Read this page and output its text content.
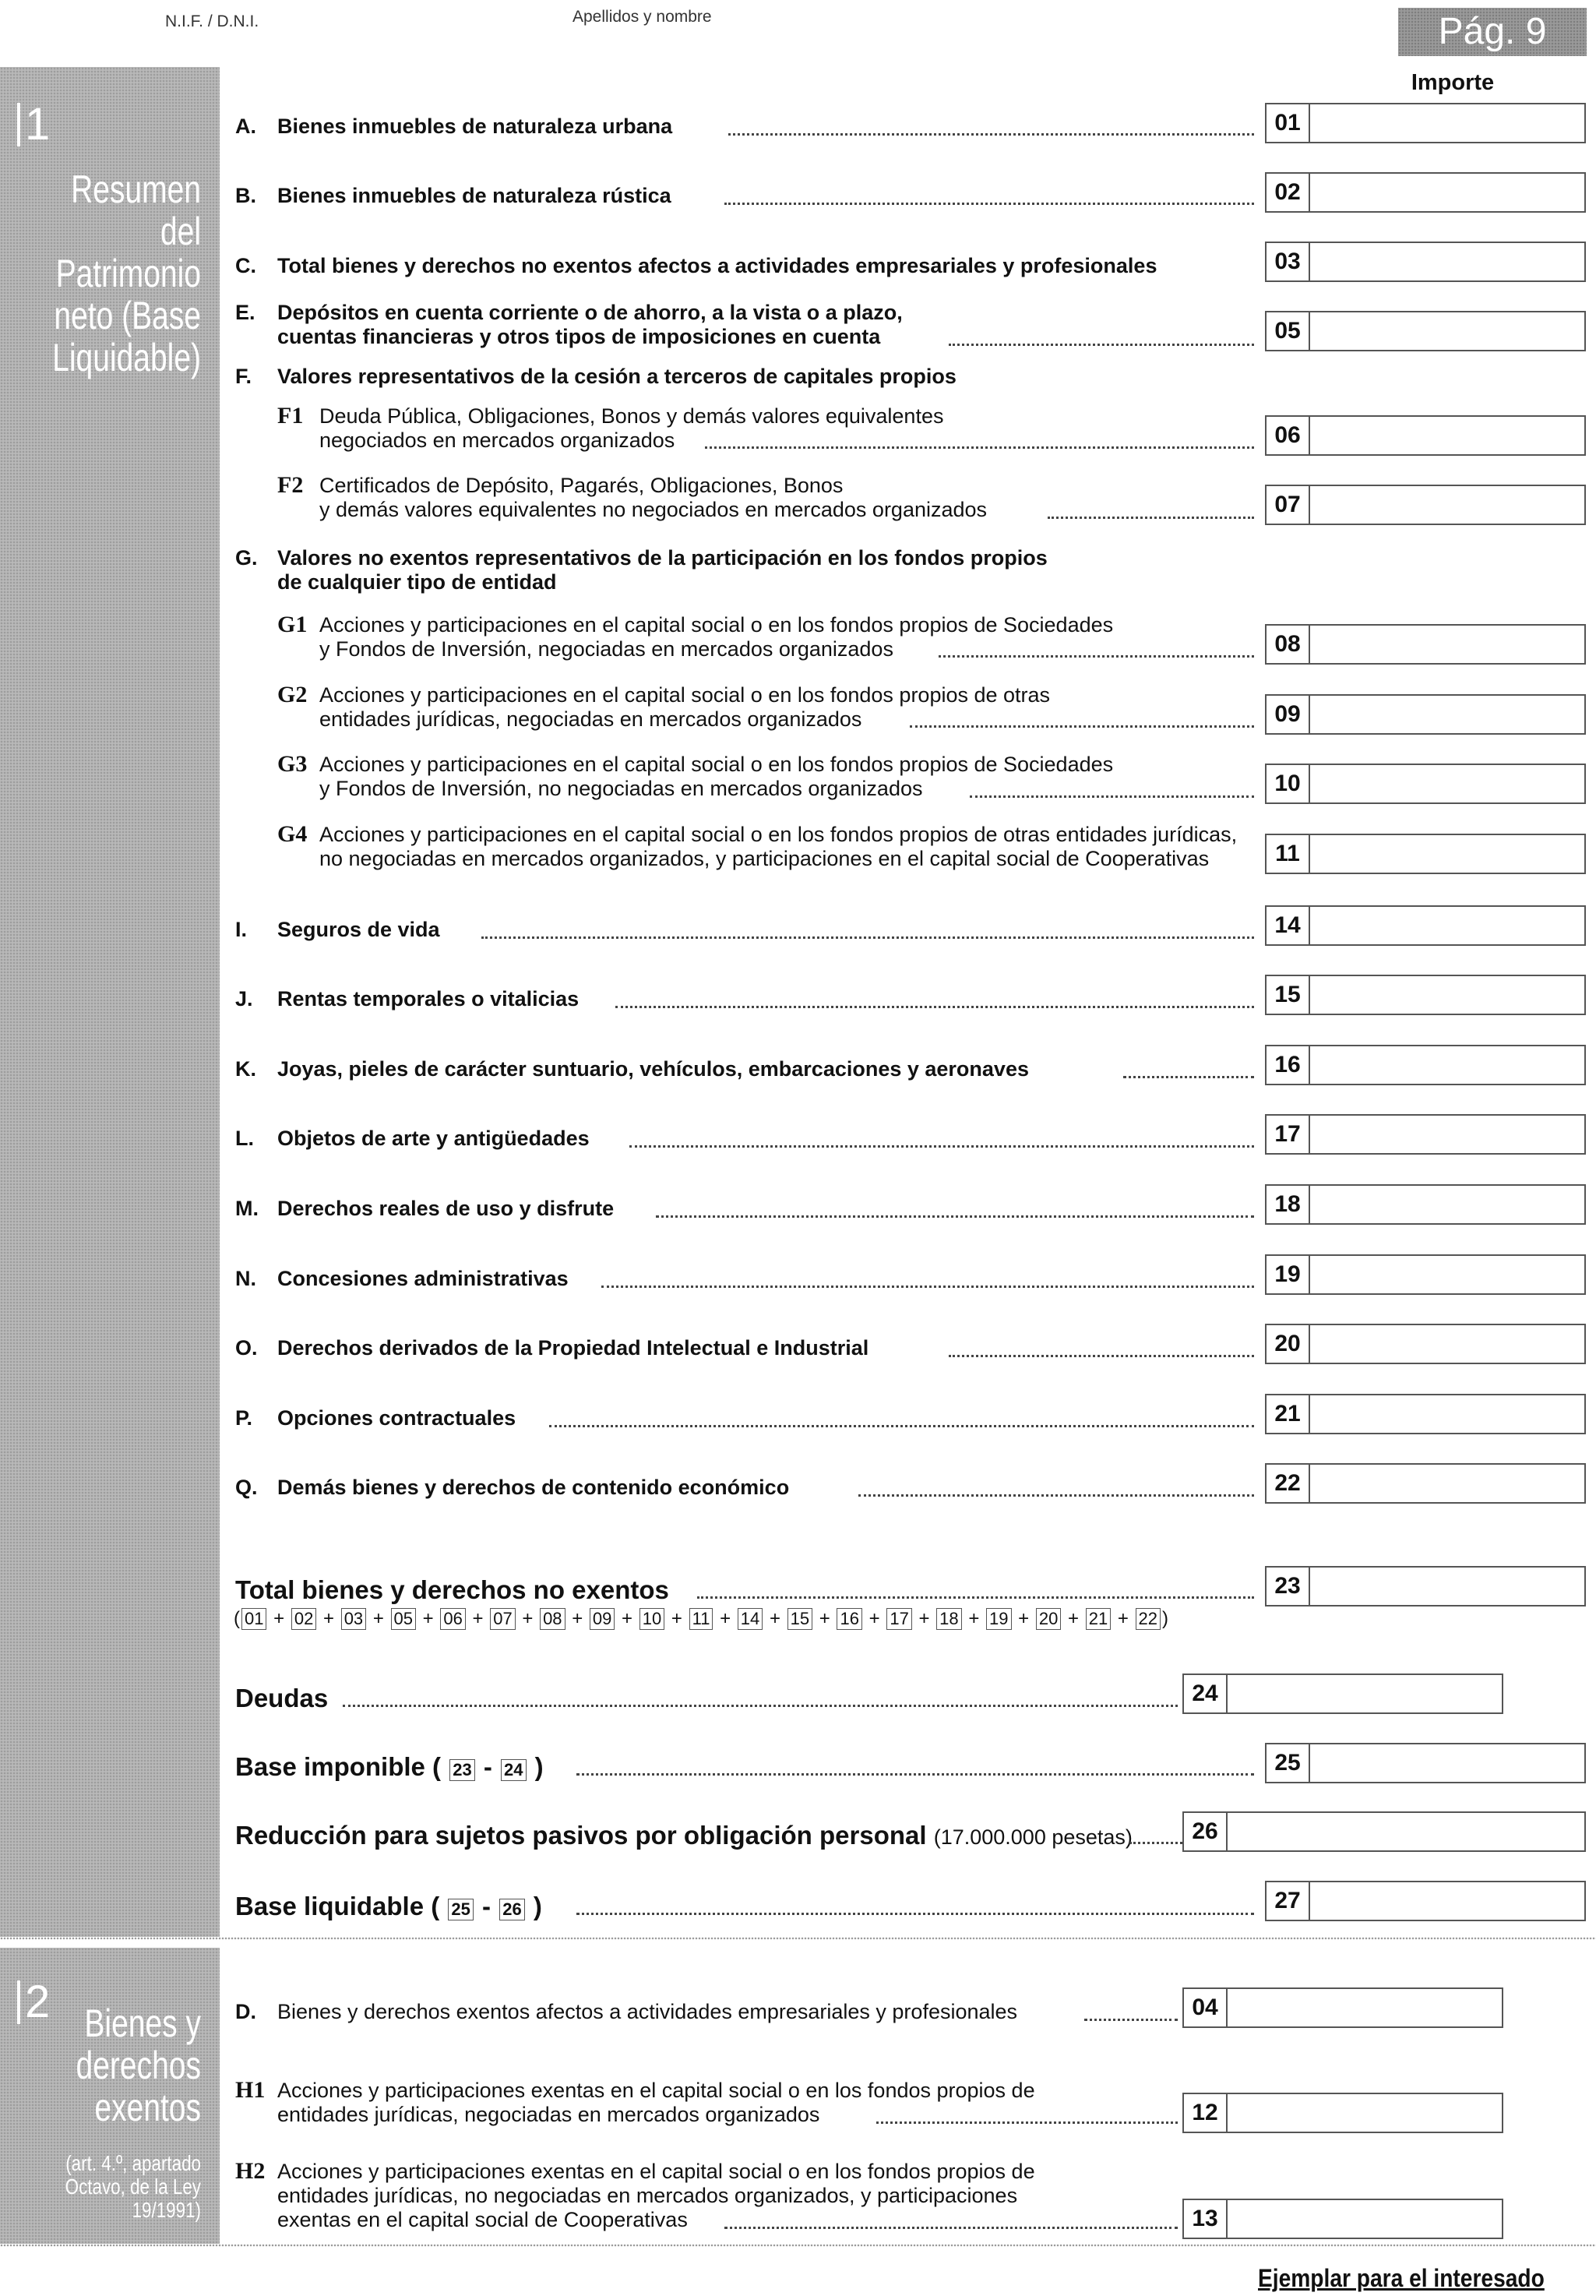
N.I.F. / D.N.I.	Apellidos y nombre	Pág. 9
Importe
1
Resumen
del
Patrimonio
neto (Base
Liquidable)
2 Bienes y
derechos
exentos
(art. 4.º, apartado
Octavo, de la Ley
19/1991)
A. Bienes inmuebles de naturaleza urbana	01
B. Bienes inmuebles de naturaleza rústica	02
C. Total bienes y derechos no exentos afectos a actividades empresariales y profesionales	03
E. Depósitos en cuenta corriente o de ahorro, a la vista o a plazo,
cuentas financieras y otros tipos de imposiciones en cuenta	05
F. Valores representativos de la cesión a terceros de capitales propios
F1 Deuda Pública, Obligaciones, Bonos y demás valores equivalentes
negociados en mercados organizados	06
F2 Certificados de Depósito, Pagarés, Obligaciones, Bonos
y demás valores equivalentes no negociados en mercados organizados	07
G. Valores no exentos representativos de la participación en los fondos propios
de cualquier tipo de entidad
G1 Acciones y participaciones en el capital social o en los fondos propios de Sociedades
y Fondos de Inversión, negociadas en mercados organizados	08
G2 Acciones y participaciones en el capital social o en los fondos propios de otras
entidades jurídicas, negociadas en mercados organizados	09
G3 Acciones y participaciones en el capital social o en los fondos propios de Sociedades
y Fondos de Inversión, no negociadas en mercados organizados	10
G4 Acciones y participaciones en el capital social o en los fondos propios de otras entidades jurídicas,
no negociadas en mercados organizados, y participaciones en el capital social de Cooperativas	11
I. Seguros de vida	14
J. Rentas temporales o vitalicias	15
K. Joyas, pieles de carácter suntuario, vehículos, embarcaciones y aeronaves	16
L. Objetos de arte y antigüedades	17
M. Derechos reales de uso y disfrute	18
N. Concesiones administrativas	19
O. Derechos derivados de la Propiedad Intelectual e Industrial	20
P. Opciones contractuales	21
Q. Demás bienes y derechos de contenido económico	22
Total bienes y derechos no exentos	23
( 01 + 02 + 03 + 05 + 06 + 07 + 08 + 09 + 10 + 11 + 14 + 15 + 16 + 17 + 18 + 19 + 20 + 21 + 22 )
Deudas	24
Base imponible ( 23 - 24 )	25
Reducción para sujetos pasivos por obligación personal (17.000.000 pesetas)	26
Base liquidable ( 25 - 26 )	27
D. Bienes y derechos exentos afectos a actividades empresariales y profesionales	04
H1 Acciones y participaciones exentas en el capital social o en los fondos propios de
entidades jurídicas, negociadas en mercados organizados	12
H2 Acciones y participaciones exentas en el capital social o en los fondos propios de
entidades jurídicas, no negociadas en mercados organizados, y participaciones
exentas en el capital social de Cooperativas	13
Ejemplar para el interesado
